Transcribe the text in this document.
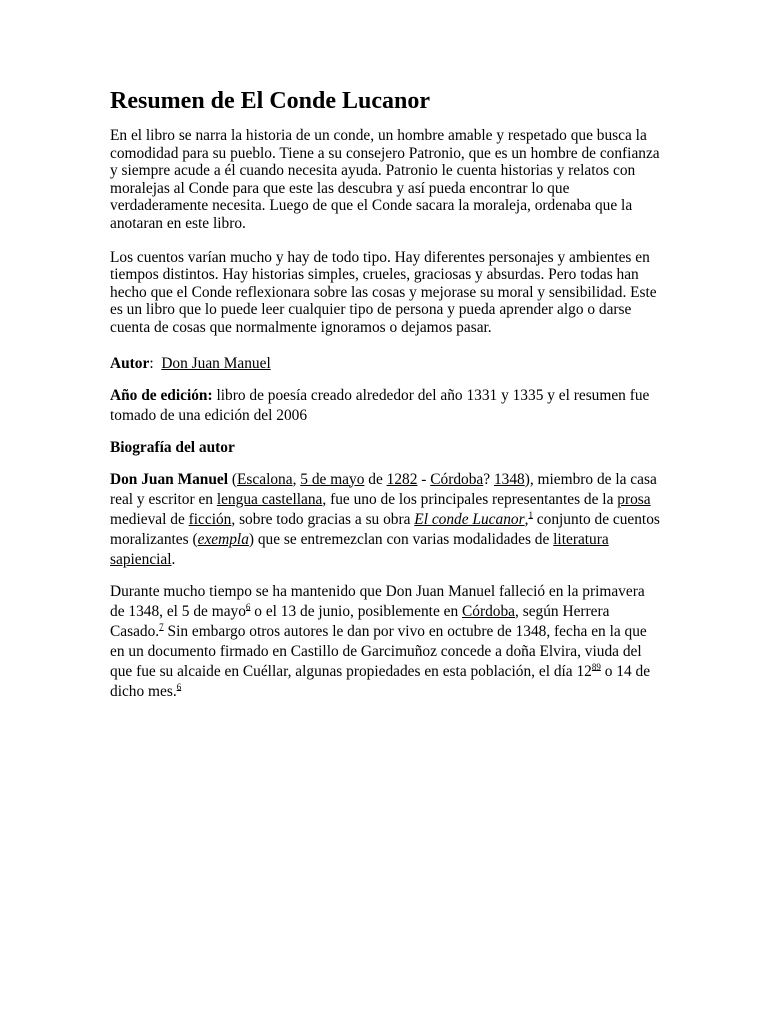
Resumen de El Conde Lucanor

En el libro se narra la historia de un conde, un hombre amable y respetado que busca la comodidad para su pueblo. Tiene a su consejero Patronio, que es un hombre de confianza y siempre acude a él cuando necesita ayuda. Patronio le cuenta historias y relatos con moralejas al Conde para que este las descubra y así pueda encontrar lo que verdaderamente necesita. Luego de que el Conde sacara la moraleja, ordenaba que la anotaran en este libro.

Los cuentos varían mucho y hay de todo tipo. Hay diferentes personajes y ambientes en tiempos distintos. Hay historias simples, crueles, graciosas y absurdas. Pero todas han hecho que el Conde reflexionara sobre las cosas y mejorase su moral y sensibilidad. Este es un libro que lo puede leer cualquier tipo de persona y pueda aprender algo o darse cuenta de cosas que normalmente ignoramos o dejamos pasar.

Autor:  Don Juan Manuel

Año de edición: libro de poesía creado alrededor del año 1331 y 1335 y el resumen fue tomado de una edición del 2006

Biografía del autor

Don Juan Manuel (Escalona, 5 de mayo de 1282 - Córdoba? 1348), miembro de la casa real y escritor en lengua castellana, fue uno de los principales representantes de la prosa medieval de ficción, sobre todo gracias a su obra El conde Lucanor,$^1$ conjunto de cuentos moralizantes (exempla) que se entremezclan con varias modalidades de literatura sapiencial.

Durante mucho tiempo se ha mantenido que Don Juan Manuel falleció en la primavera de 1348, el 5 de mayo$^6$ o el 13 de junio, posiblemente en Córdoba, según Herrera Casado.$^7$ Sin embargo otros autores le dan por vivo en octubre de 1348, fecha en la que en un documento firmado en Castillo de Garcimuñoz concede a doña Elvira, viuda del que fue su alcaide en Cuéllar, algunas propiedades en esta población, el día $12^{89}$ o 14 de dicho mes.$^6$
